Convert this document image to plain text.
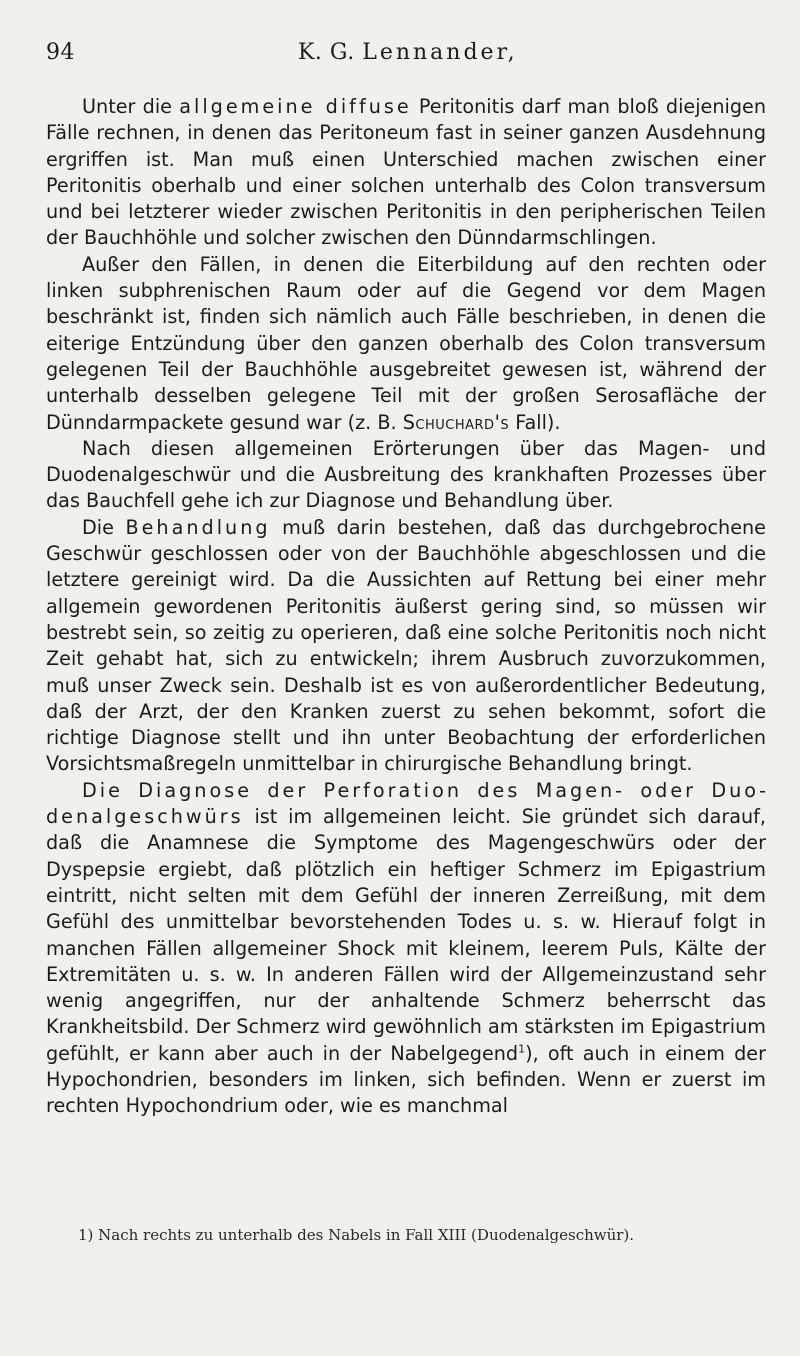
94	K. G. Lennander,

Unter die allgemeine diffuse Peritonitis darf man bloß diejenigen Fälle rechnen, in denen das Peritoneum fast in seiner ganzen Ausdehnung ergriffen ist. Man muß einen Unterschied machen zwischen einer Peritonitis oberhalb und einer solchen unterhalb des Colon transversum und bei letzterer wieder zwischen Peritonitis in den peripherischen Teilen der Bauchhöhle und solcher zwischen den Dünndarmschlingen.

Außer den Fällen, in denen die Eiterbildung auf den rechten oder linken subphrenischen Raum oder auf die Gegend vor dem Magen beschränkt ist, finden sich nämlich auch Fälle beschrieben, in denen die eiterige Entzündung über den ganzen oberhalb des Colon transversum gelegenen Teil der Bauchhöhle ausgebreitet gewesen ist, während der unterhalb desselben gelegene Teil mit der großen Serosafläche der Dünndarmpackete gesund war (z. B. Schuchard's Fall).

Nach diesen allgemeinen Erörterungen über das Magen- und Duodenalgeschwür und die Ausbreitung des krankhaften Prozesses über das Bauchfell gehe ich zur Diagnose und Behandlung über.

Die Behandlung muß darin bestehen, daß das durchgebrochene Geschwür geschlossen oder von der Bauchhöhle abgeschlossen und die letztere gereinigt wird. Da die Aussichten auf Rettung bei einer mehr allgemein gewordenen Peritonitis äußerst gering sind, so müssen wir bestrebt sein, so zeitig zu operieren, daß eine solche Peritonitis noch nicht Zeit gehabt hat, sich zu entwickeln; ihrem Ausbruch zuvorzukommen, muß unser Zweck sein. Deshalb ist es von außerordentlicher Bedeutung, daß der Arzt, der den Kranken zuerst zu sehen bekommt, sofort die richtige Diagnose stellt und ihn unter Beobachtung der erforderlichen Vorsichtsmaßregeln unmittelbar in chirurgische Behandlung bringt.

Die Diagnose der Perforation des Magen- oder Duodenalgeschwürs ist im allgemeinen leicht. Sie gründet sich darauf, daß die Anamnese die Symptome des Magengeschwürs oder der Dyspepsie ergiebt, daß plötzlich ein heftiger Schmerz im Epigastrium eintritt, nicht selten mit dem Gefühl der inneren Zerreißung, mit dem Gefühl des unmittelbar bevorstehenden Todes u. s. w. Hierauf folgt in manchen Fällen allgemeiner Shock mit kleinem, leerem Puls, Kälte der Extremitäten u. s. w. In anderen Fällen wird der Allgemeinzustand sehr wenig angegriffen, nur der anhaltende Schmerz beherrscht das Krankheitsbild. Der Schmerz wird gewöhnlich am stärksten im Epigastrium gefühlt, er kann aber auch in der Nabelgegend$^1$), oft auch in einem der Hypochondrien, besonders im linken, sich befinden. Wenn er zuerst im rechten Hypochondrium oder, wie es manchmal

1) Nach rechts zu unterhalb des Nabels in Fall XIII (Duodenalgeschwür).
